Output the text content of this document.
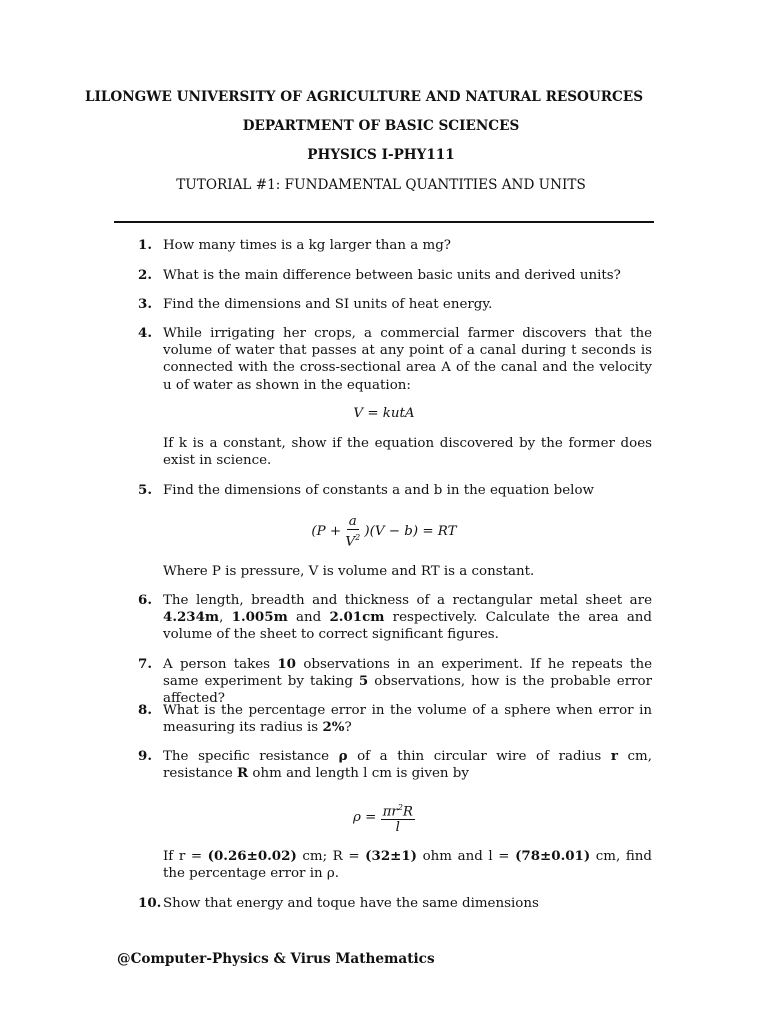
LILONGWE UNIVERSITY OF AGRICULTURE AND NATURAL RESOURCES
DEPARTMENT OF BASIC SCIENCES
PHYSICS I-PHY111
TUTORIAL #1: FUNDAMENTAL QUANTITIES AND UNITS
1. How many times is a kg larger than a mg?
2. What is the main difference between basic units and derived units?
3. Find the dimensions and SI units of heat energy.
4. While irrigating her crops, a commercial farmer discovers that the volume of water that passes at any point of a canal during t seconds is connected with the cross-sectional area A of the canal and the velocity u of water as shown in the equation:
V = kutA
If k is a constant, show if the equation discovered by the former does exist in science.
5. Find the dimensions of constants a and b in the equation below
$(P + \frac{a}{V^2} )(V - b)$ = RT
Where P is pressure, V is volume and RT is a constant.
6. The length, breadth and thickness of a rectangular metal sheet are 4.234m, 1.005m and 2.01cm respectively. Calculate the area and volume of the sheet to correct significant figures.
7. A person takes 10 observations in an experiment. If he repeats the same experiment by taking 5 observations, how is the probable error affected?
8. What is the percentage error in the volume of a sphere when error in measuring its radius is 2%?
9. The specific resistance ρ of a thin circular wire of radius r cm, resistance R ohm and length l cm is given by
$\rho = \frac{\pi r^2R}{l}$
If r = (0.26±0.02) cm; R = (32±1) ohm and l = (78±0.01) cm, find the percentage error in ρ.
10. Show that energy and toque have the same dimensions
@Computer-Physics & Virus Mathematics
